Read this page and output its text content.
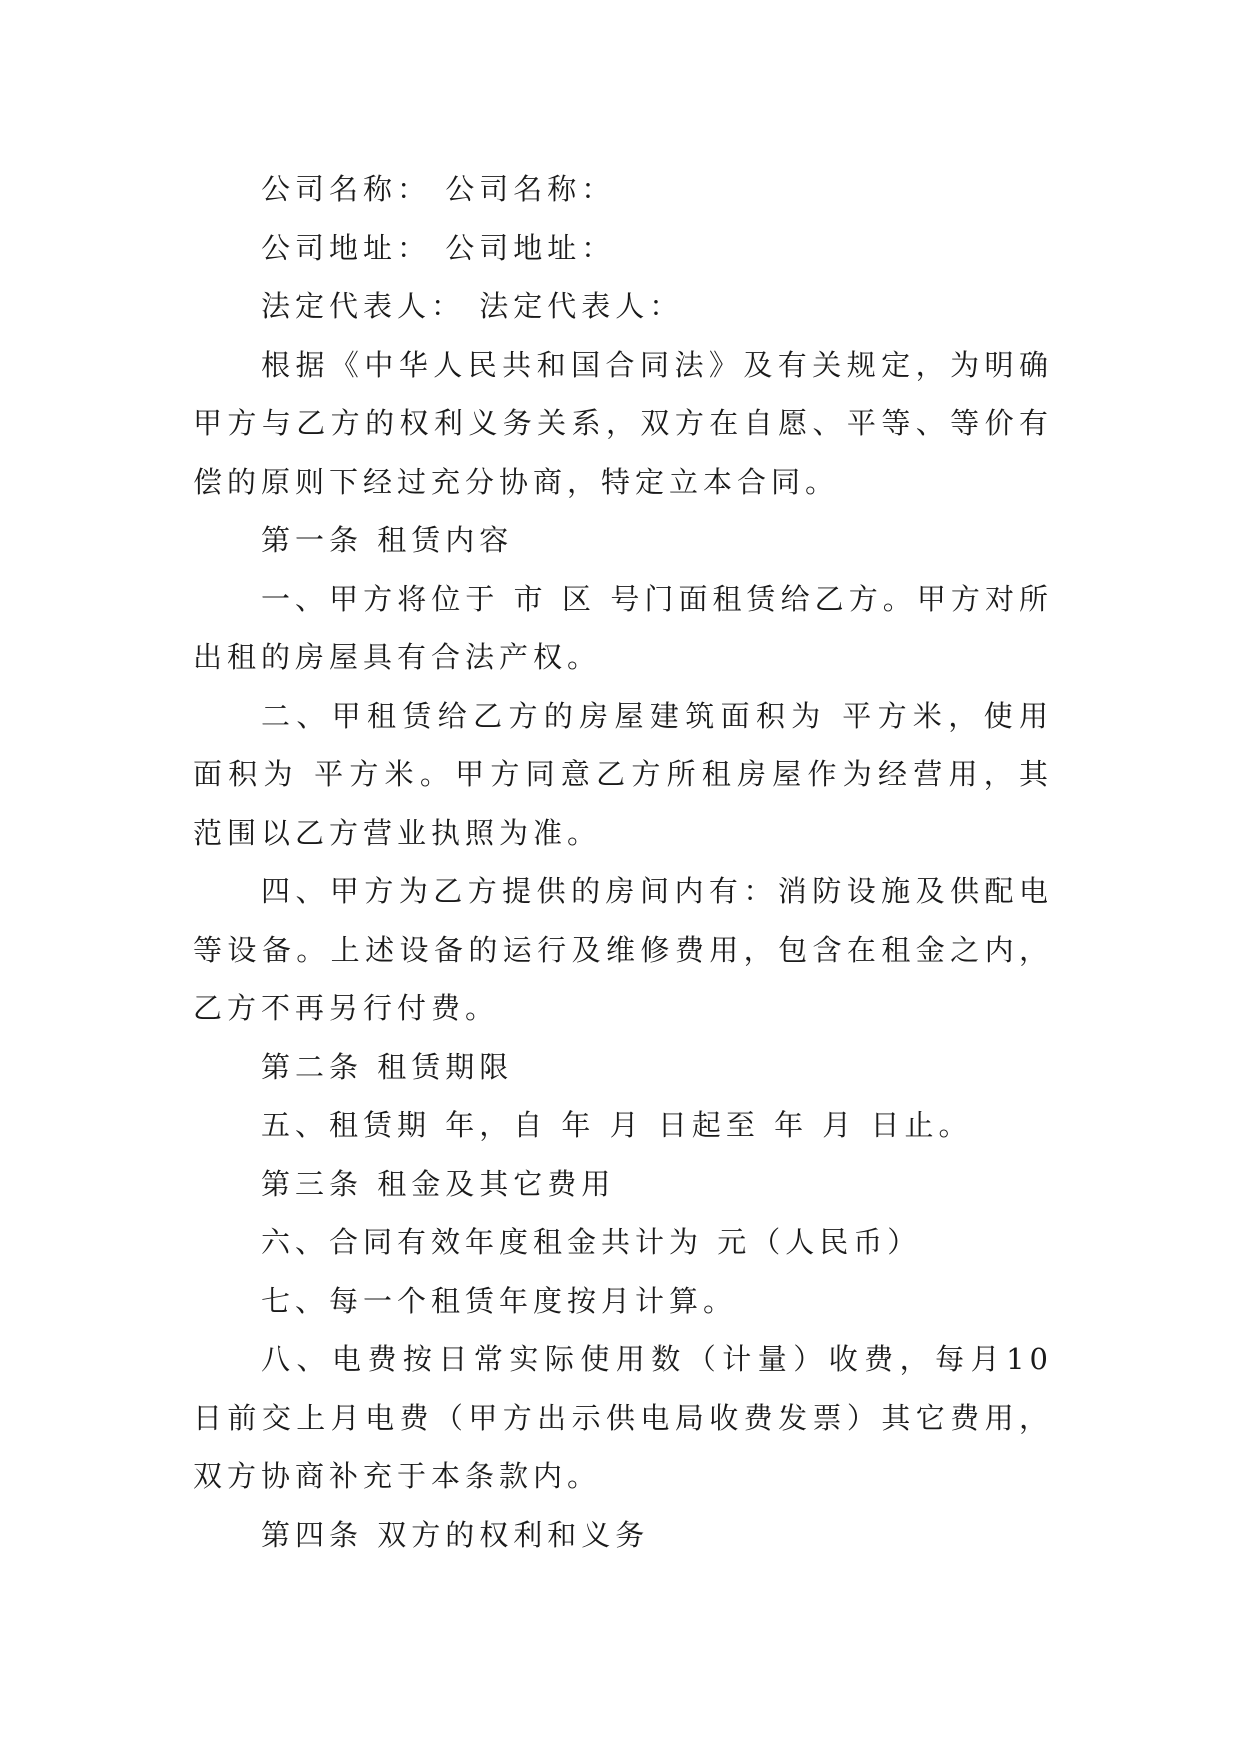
公司名称： 公司名称：

公司地址： 公司地址：

法定代表人： 法定代表人：

根据《中华人民共和国合同法》及有关规定，为明确甲方与乙方的权利义务关系，双方在自愿、平等、等价有偿的原则下经过充分协商，特定立本合同。

第一条 租赁内容

一、甲方将位于 市 区 号门面租赁给乙方。甲方对所出租的房屋具有合法产权。

二、甲租赁给乙方的房屋建筑面积为 平方米，使用面积为 平方米。甲方同意乙方所租房屋作为经营用，其范围以乙方营业执照为准。

四、甲方为乙方提供的房间内有：消防设施及供配电等设备。上述设备的运行及维修费用，包含在租金之内，乙方不再另行付费。

第二条 租赁期限

五、租赁期 年，自 年 月 日起至 年 月 日止。

第三条 租金及其它费用

六、合同有效年度租金共计为 元（人民币）

七、每一个租赁年度按月计算。

八、电费按日常实际使用数（计量）收费，每月10日前交上月电费（甲方出示供电局收费发票）其它费用，双方协商补充于本条款内。

第四条 双方的权利和义务
